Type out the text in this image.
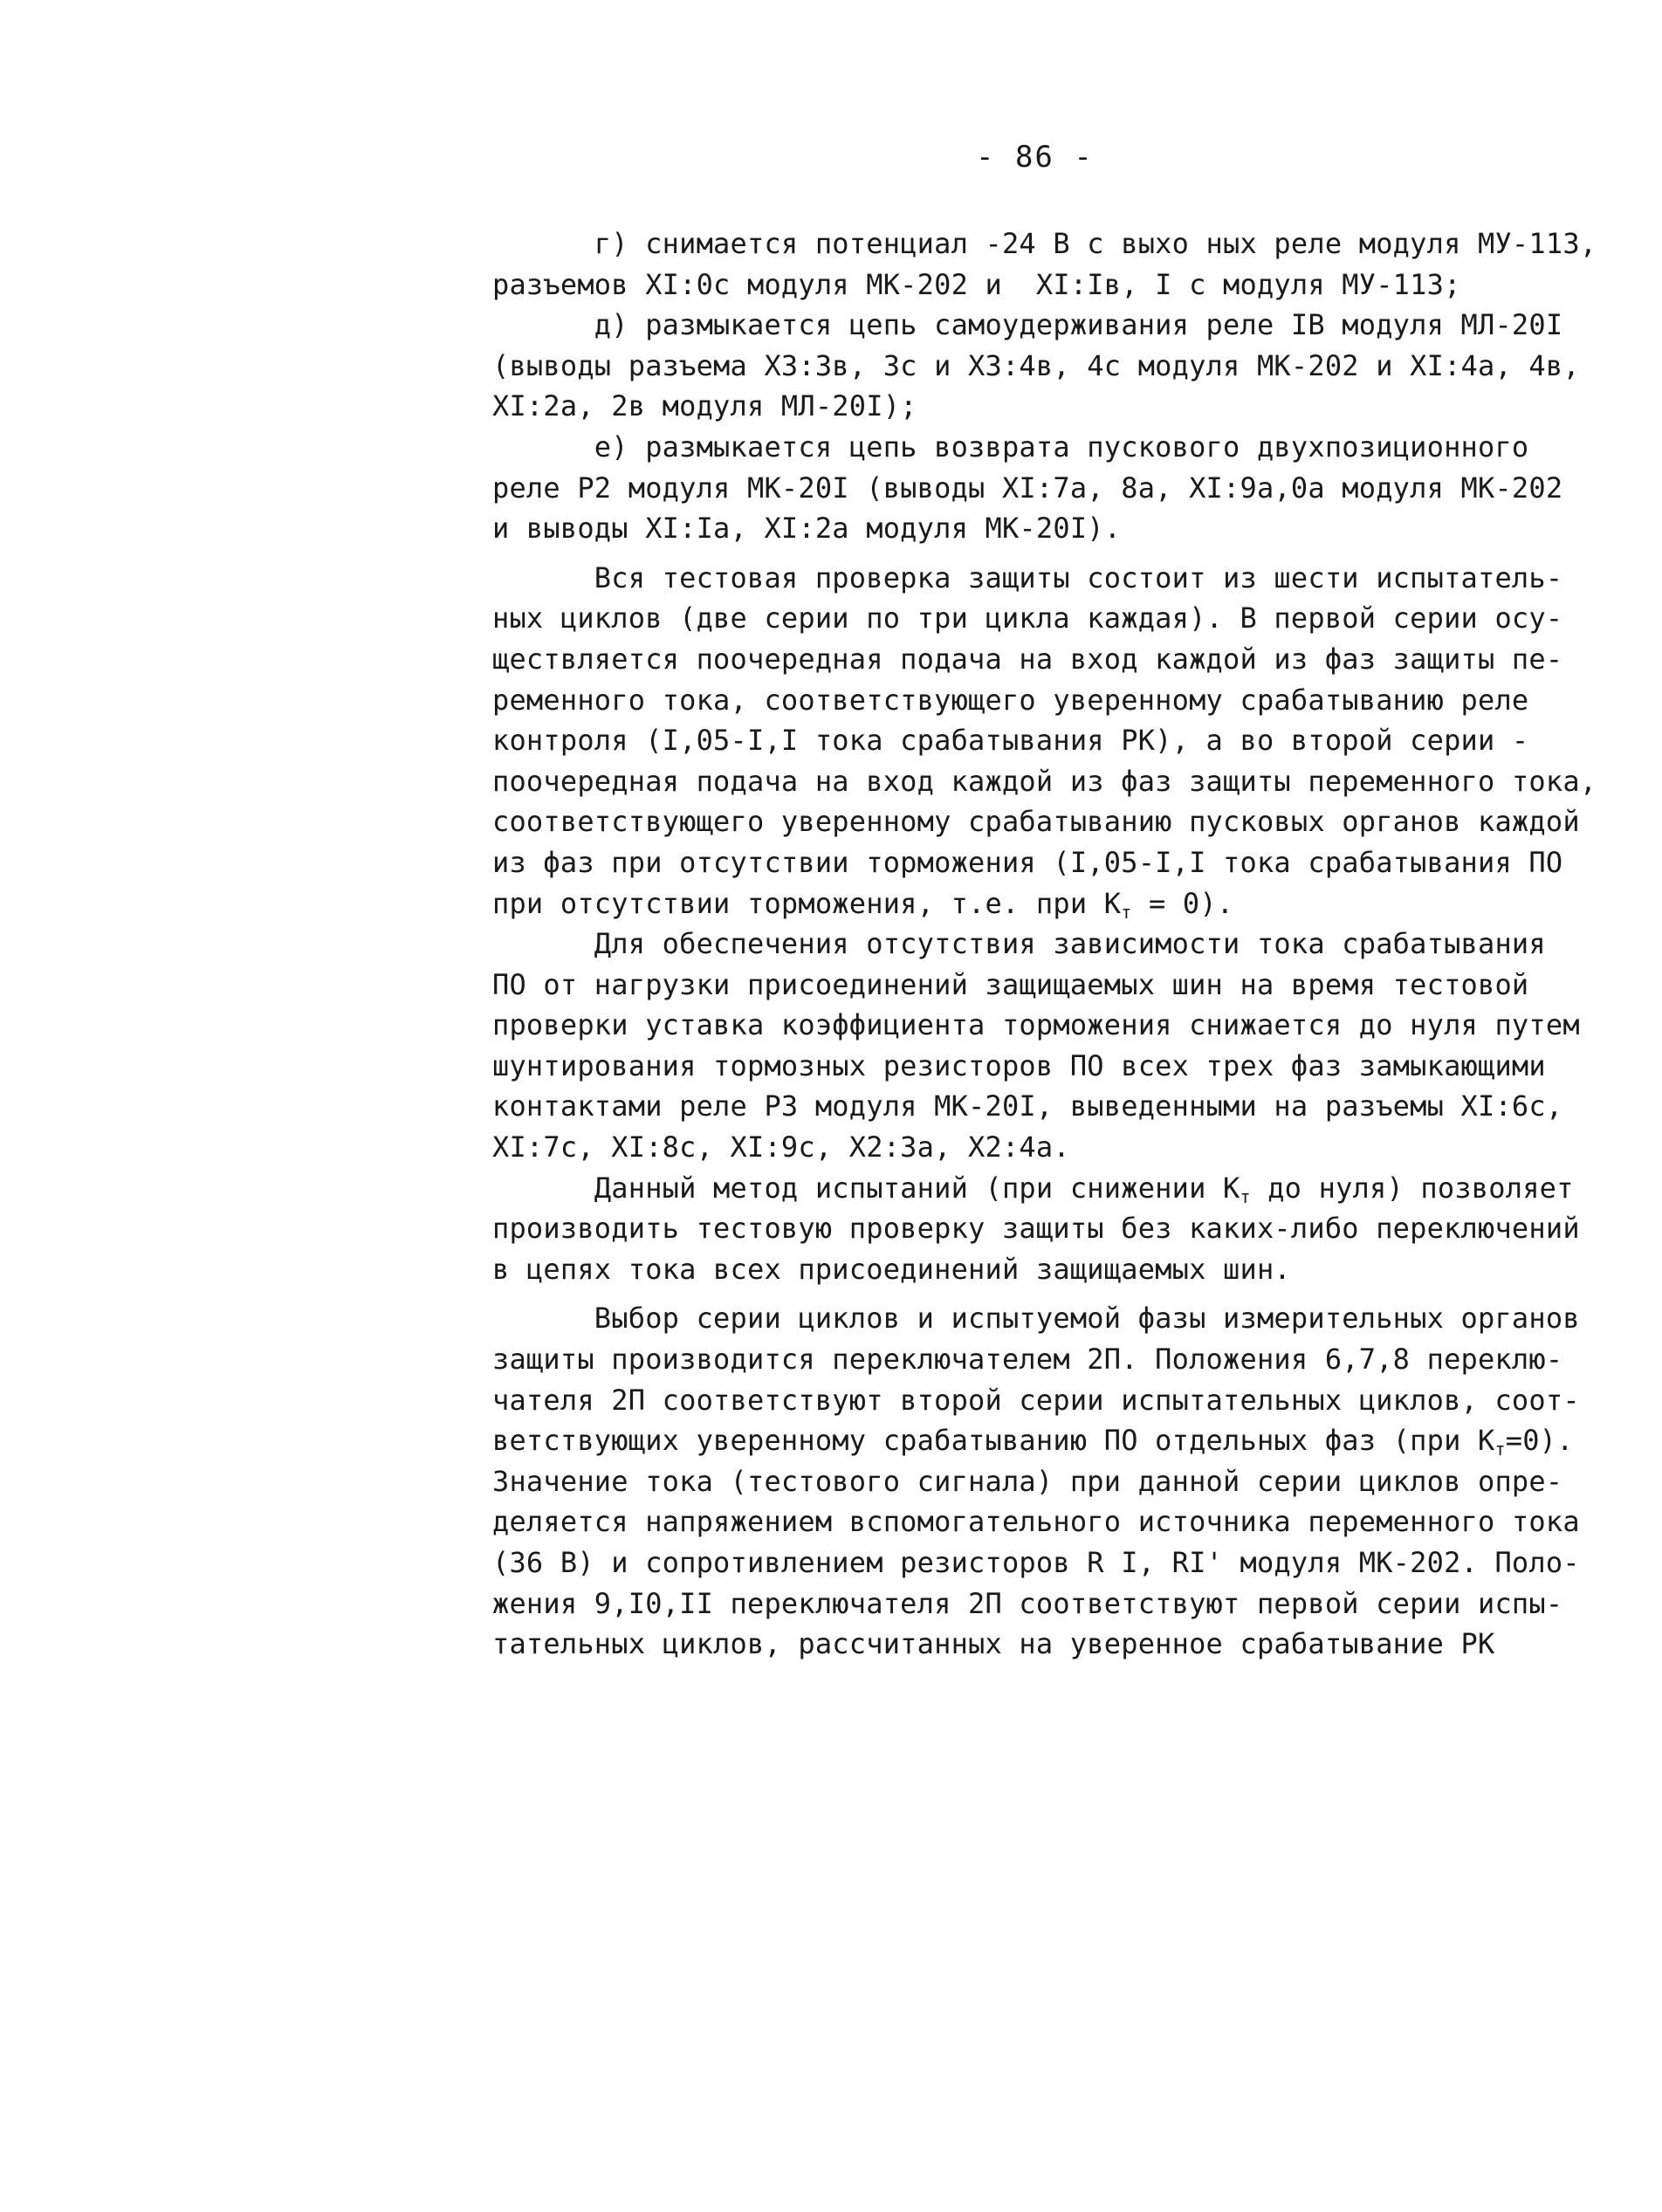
- 86 -
г) снимается потенциал -24 В с выхо ных реле модуля МУ-113,
разъемов ХI:0с модуля МК-202 и  ХI:Iв, I с модуля МУ-113;
д) размыкается цепь самоудерживания реле IВ модуля МЛ-20I
(выводы разъема Х3:3в, 3с и Х3:4в, 4с модуля МК-202 и ХI:4а, 4в,
ХI:2а, 2в модуля МЛ-20I);
е) размыкается цепь возврата пускового двухпозиционного
реле Р2 модуля МК-20I (выводы ХI:7а, 8а, ХI:9а,0а модуля МК-202
и выводы ХI:Iа, ХI:2а модуля МК-20I).
Вся тестовая проверка защиты состоит из шести испытатель-
ных циклов (две серии по три цикла каждая). В первой серии осу-
ществляется поочередная подача на вход каждой из фаз защиты пе-
ременного тока, соответствующего уверенному срабатыванию реле
контроля (I,05-I,I тока срабатывания РК), а во второй серии -
поочередная подача на вход каждой из фаз защиты переменного тока,
соответствующего уверенному срабатыванию пусковых органов каждой
из фаз при отсутствии торможения (I,05-I,I тока срабатывания ПО
при отсутствии торможения, т.е. при $К_т = 0$).
Для обеспечения отсутствия зависимости тока срабатывания
ПО от нагрузки присоединений защищаемых шин на время тестовой
проверки уставка коэффициента торможения снижается до нуля путем
шунтирования тормозных резисторов ПО всех трех фаз замыкающими
контактами реле Р3 модуля МК-20I, выведенными на разъемы ХI:6с,
ХI:7с, ХI:8с, ХI:9с, Х2:3а, Х2:4а.
Данный метод испытаний (при снижении $К_т$ до нуля) позволяет
производить тестовую проверку защиты без каких-либо переключений
в цепях тока всех присоединений защищаемых шин.
Выбор серии циклов и испытуемой фазы измерительных органов
защиты производится переключателем 2П. Положения 6,7,8 переклю-
чателя 2П соответствуют второй серии испытательных циклов, соот-
ветствующих уверенному срабатыванию ПО отдельных фаз (при $К_т=0$).
Значение тока (тестового сигнала) при данной серии циклов опре-
деляется напряжением вспомогательного источника переменного тока
(36 В) и сопротивлением резисторов R I, RI' модуля МК-202. Поло-
жения 9,I0,II переключателя 2П соответствуют первой серии испы-
тательных циклов, рассчитанных на уверенное срабатывание РК
